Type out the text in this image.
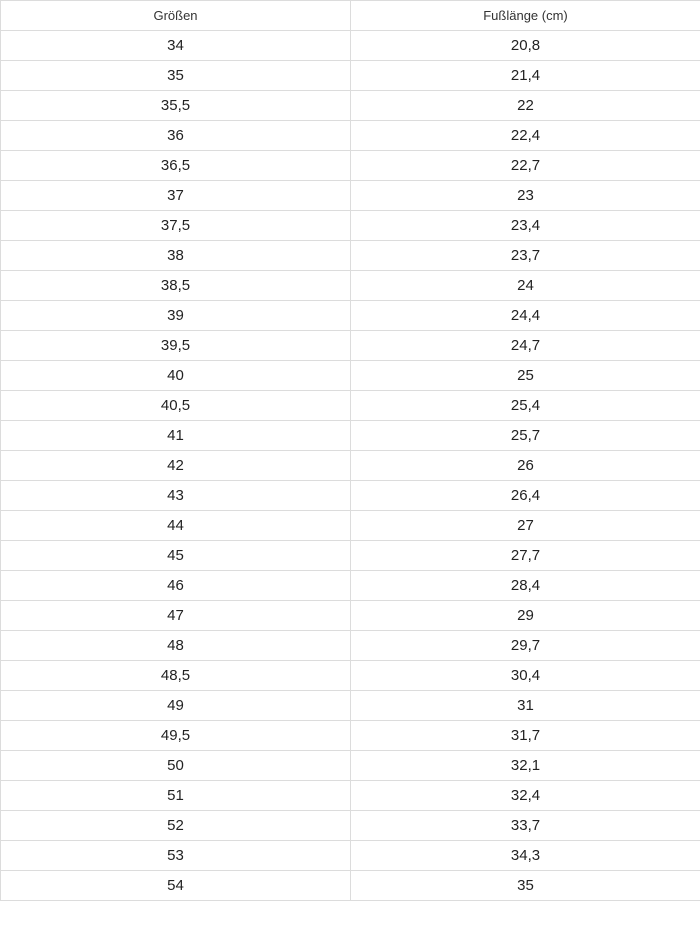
Größen	Fußlänge (cm)
34	20,8
35	21,4
35,5	22
36	22,4
36,5	22,7
37	23
37,5	23,4
38	23,7
38,5	24
39	24,4
39,5	24,7
40	25
40,5	25,4
41	25,7
42	26
43	26,4
44	27
45	27,7
46	28,4
47	29
48	29,7
48,5	30,4
49	31
49,5	31,7
50	32,1
51	32,4
52	33,7
53	34,3
54	35
